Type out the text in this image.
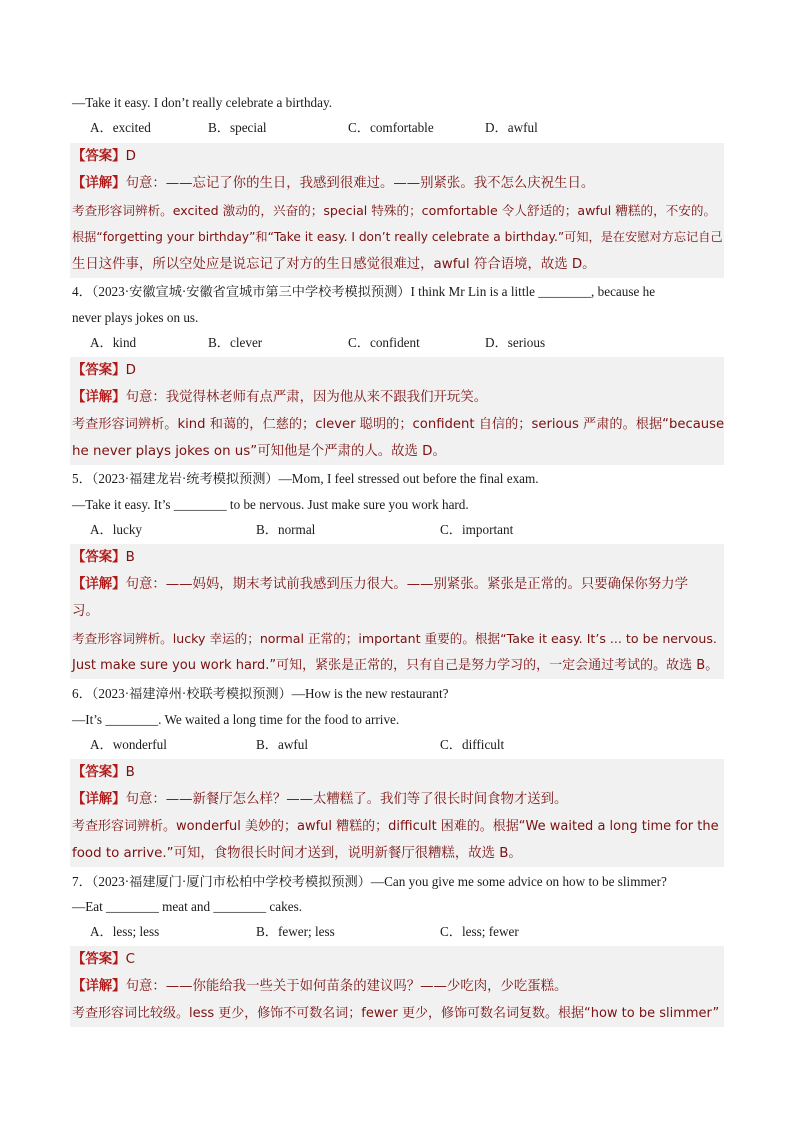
—Take it easy. I don’t really celebrate a birthday.
A．excited	B．special	C．comfortable	D．awful
【答案】D
【详解】句意：——忘记了你的生日，我感到很难过。——别紧张。我不怎么庆祝生日。
考查形容词辨析。excited 激动的，兴奋的；special 特殊的；comfortable 令人舒适的；awful 糟糕的，不安的。
根据“forgetting your birthday”和“Take it easy. I don’t really celebrate a birthday.”可知，是在安慰对方忘记自己
生日这件事，所以空处应是说忘记了对方的生日感觉很难过，awful 符合语境，故选 D。
4．（2023·安徽宣城·安徽省宣城市第三中学校考模拟预测）I think Mr Lin is a little ________, because he
never plays jokes on us.
A．kind	B．clever	C．confident	D．serious
【答案】D
【详解】句意：我觉得林老师有点严肃，因为他从来不跟我们开玩笑。
考查形容词辨析。kind 和蔼的，仁慈的；clever 聪明的；confident 自信的；serious 严肃的。根据“because
he never plays jokes on us”可知他是个严肃的人。故选 D。
5．（2023·福建龙岩·统考模拟预测）—Mom, I feel stressed out before the final exam.
—Take it easy. It’s ________ to be nervous. Just make sure you work hard.
A．lucky	B．normal	C．important
【答案】B
【详解】句意：——妈妈，期末考试前我感到压力很大。——别紧张。紧张是正常的。只要确保你努力学
习。
考查形容词辨析。lucky 幸运的；normal 正常的；important 重要的。根据“Take it easy. It’s ... to be nervous.
Just make sure you work hard.”可知，紧张是正常的，只有自己是努力学习的，一定会通过考试的。故选 B。
6．（2023·福建漳州·校联考模拟预测）—How is the new restaurant?
—It’s ________. We waited a long time for the food to arrive.
A．wonderful	B．awful	C．difficult
【答案】B
【详解】句意：——新餐厅怎么样？——太糟糕了。我们等了很长时间食物才送到。
考查形容词辨析。wonderful 美妙的；awful 糟糕的；difficult 困难的。根据“We waited a long time for the
food to arrive.”可知，食物很长时间才送到，说明新餐厅很糟糕，故选 B。
7．（2023·福建厦门·厦门市松柏中学校考模拟预测）—Can you give me some advice on how to be slimmer?
—Eat ________ meat and ________ cakes.
A．less; less	B．fewer; less	C．less; fewer
【答案】C
【详解】句意：——你能给我一些关于如何苗条的建议吗？——少吃肉，少吃蛋糕。
考查形容词比较级。less 更少，修饰不可数名词；fewer 更少，修饰可数名词复数。根据“how to be slimmer”
